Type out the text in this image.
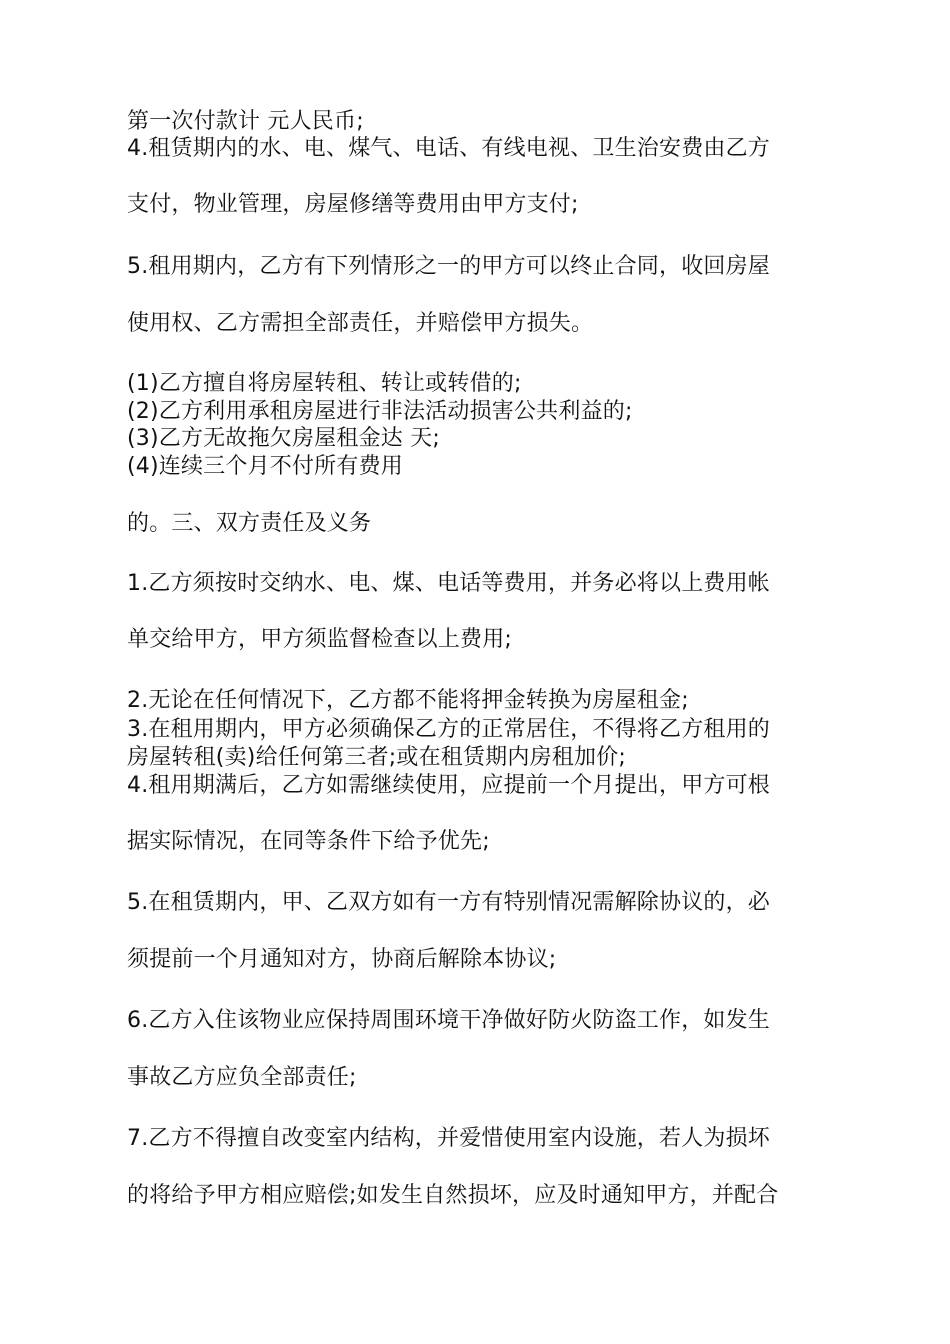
第一次付款计 元人民币;
4.租赁期内的水、电、煤气、电话、有线电视、卫生治安费由乙方
支付，物业管理，房屋修缮等费用由甲方支付;
5.租用期内，乙方有下列情形之一的甲方可以终止合同，收回房屋
使用权、乙方需担全部责任，并赔偿甲方损失。
(1)乙方擅自将房屋转租、转让或转借的;
(2)乙方利用承租房屋进行非法活动损害公共利益的;
(3)乙方无故拖欠房屋租金达 天;
(4)连续三个月不付所有费用
的。三、双方责任及义务
1.乙方须按时交纳水、电、煤、电话等费用，并务必将以上费用帐
单交给甲方，甲方须监督检查以上费用;
2.无论在任何情况下，乙方都不能将押金转换为房屋租金;
3.在租用期内，甲方必须确保乙方的正常居住，不得将乙方租用的
房屋转租(卖)给任何第三者;或在租赁期内房租加价;
4.租用期满后，乙方如需继续使用，应提前一个月提出，甲方可根
据实际情况，在同等条件下给予优先;
5.在租赁期内，甲、乙双方如有一方有特别情况需解除协议的，必
须提前一个月通知对方，协商后解除本协议;
6.乙方入住该物业应保持周围环境干净做好防火防盗工作，如发生
事故乙方应负全部责任;
7.乙方不得擅自改变室内结构，并爱惜使用室内设施，若人为损坏
的将给予甲方相应赔偿;如发生自然损坏，应及时通知甲方，并配合
